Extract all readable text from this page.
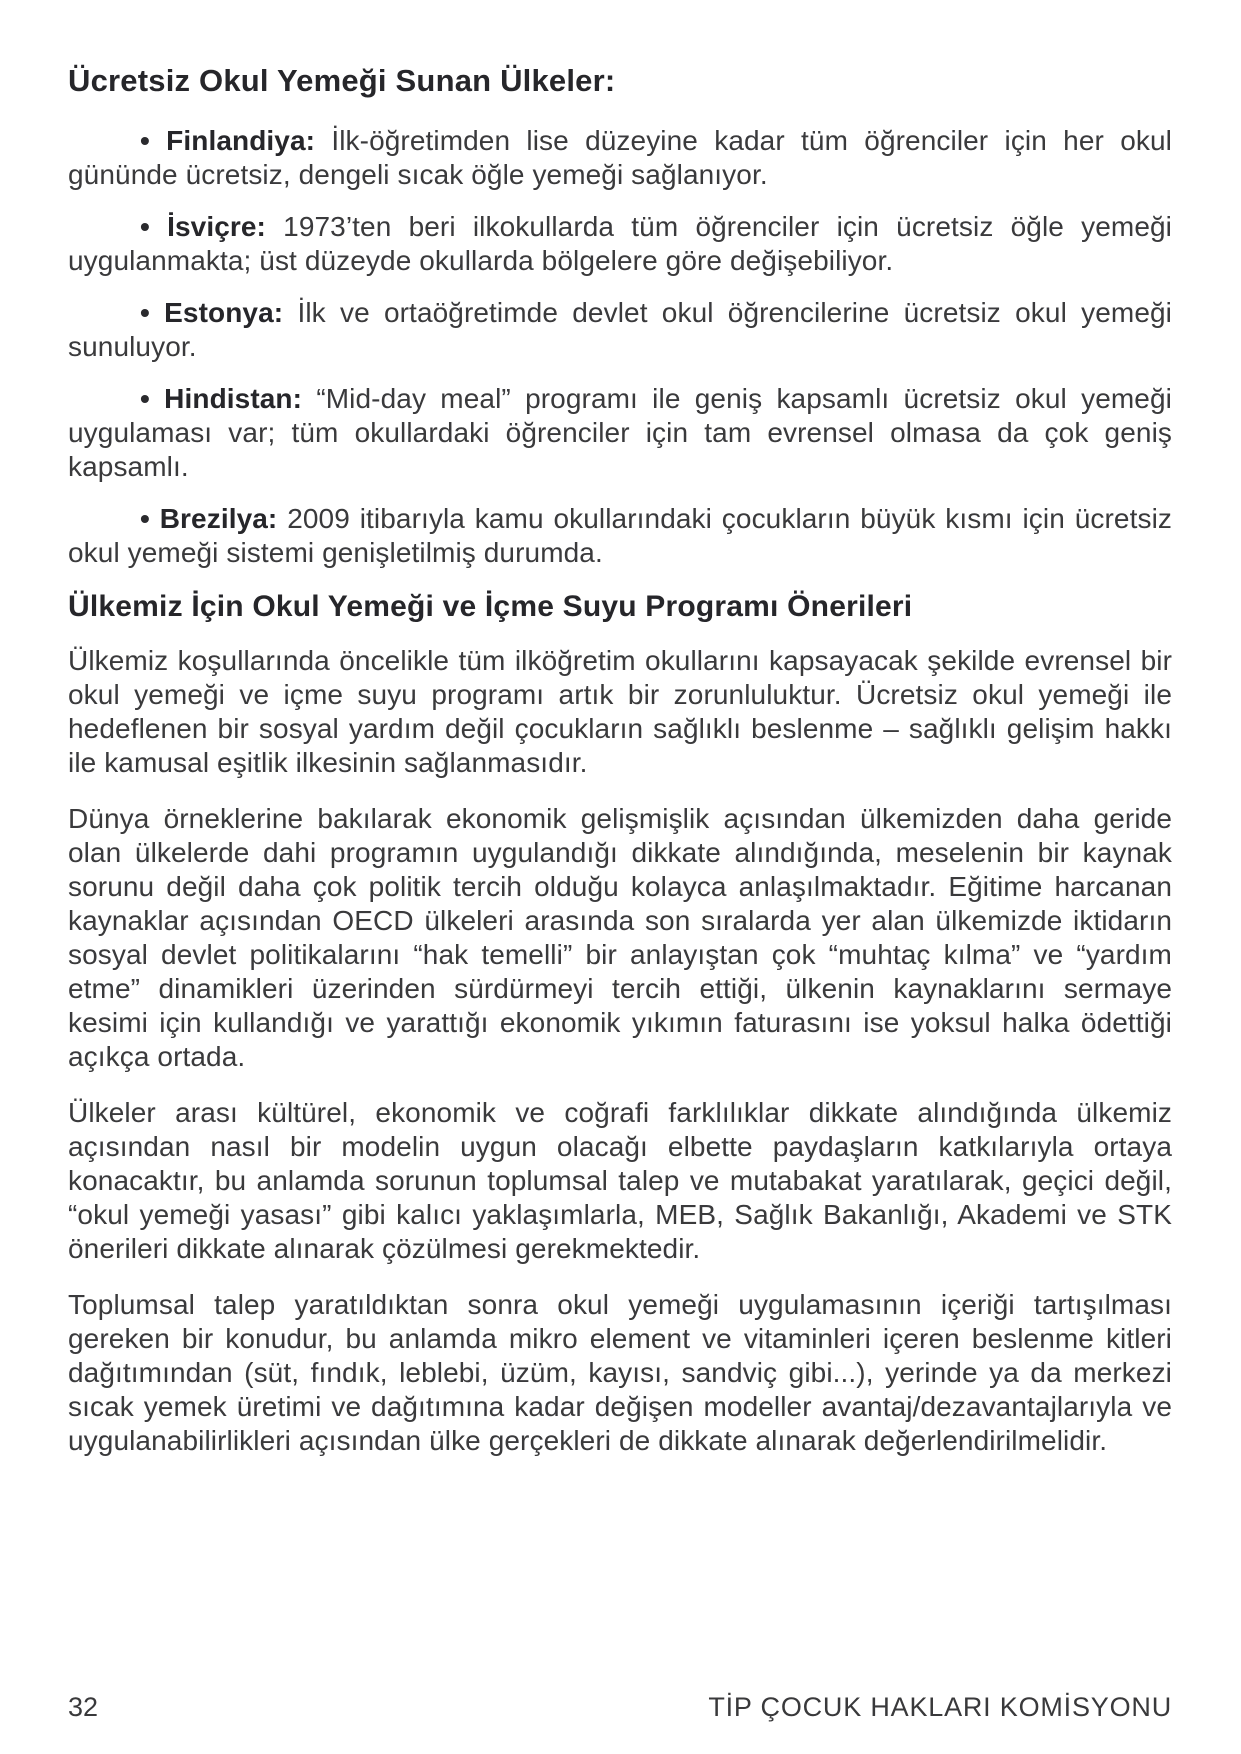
Ücretsiz Okul Yemeği Sunan Ülkeler:

• Finlandiya: İlk-öğretimden lise düzeyine kadar tüm öğrenciler için her okul gününde ücretsiz, dengeli sıcak öğle yemeği sağlanıyor.

• İsviçre: 1973’ten beri ilkokullarda tüm öğrenciler için ücretsiz öğle yemeği uygulanmakta; üst düzeyde okullarda bölgelere göre değişebiliyor.

• Estonya: İlk ve ortaöğretimde devlet okul öğrencilerine ücretsiz okul yemeği sunuluyor.

• Hindistan: “Mid-day meal” programı ile geniş kapsamlı ücretsiz okul yemeği uygulaması var; tüm okullardaki öğrenciler için tam evrensel olmasa da çok geniş kapsamlı.

• Brezilya: 2009 itibarıyla kamu okullarındaki çocukların büyük kısmı için ücretsiz okul yemeği sistemi genişletilmiş durumda.

Ülkemiz İçin Okul Yemeği ve İçme Suyu Programı Önerileri

Ülkemiz koşullarında öncelikle tüm ilköğretim okullarını kapsayacak şekilde evrensel bir okul yemeği ve içme suyu programı artık bir zorunluluktur. Ücretsiz okul yemeği ile hedeflenen bir sosyal yardım değil çocukların sağlıklı beslenme – sağlıklı gelişim hakkı ile kamusal eşitlik ilkesinin sağlanmasıdır.

Dünya örneklerine bakılarak ekonomik gelişmişlik açısından ülkemizden daha geride olan ülkelerde dahi programın uygulandığı dikkate alındığında, meselenin bir kaynak sorunu değil daha çok politik tercih olduğu kolayca anlaşılmaktadır. Eğitime harcanan kaynaklar açısından OECD ülkeleri arasında son sıralarda yer alan ülkemizde iktidarın sosyal devlet politikalarını “hak temelli” bir anlayıştan çok “muhtaç kılma” ve “yardım etme” dinamikleri üzerinden sürdürmeyi tercih ettiği, ülkenin kaynaklarını sermaye kesimi için kullandığı ve yarattığı ekonomik yıkımın faturasını ise yoksul halka ödettiği açıkça ortada.

Ülkeler arası kültürel, ekonomik ve coğrafi farklılıklar dikkate alındığında ülkemiz açısından nasıl bir modelin uygun olacağı elbette paydaşların katkılarıyla ortaya konacaktır, bu anlamda sorunun toplumsal talep ve mutabakat yaratılarak, geçici değil, “okul yemeği yasası” gibi kalıcı yaklaşımlarla, MEB, Sağlık Bakanlığı, Akademi ve STK önerileri dikkate alınarak çözülmesi gerekmektedir.

Toplumsal talep yaratıldıktan sonra okul yemeği uygulamasının içeriği tartışılması gereken bir konudur, bu anlamda mikro element ve vitaminleri içeren beslenme kitleri dağıtımından (süt, fındık, leblebi, üzüm, kayısı, sandviç gibi...), yerinde ya da merkezi sıcak yemek üretimi ve dağıtımına kadar değişen modeller avantaj/dezavantajlarıyla ve uygulanabilirlikleri açısından ülke gerçekleri de dikkate alınarak değerlendirilmelidir.

32	TİP ÇOCUK HAKLARI KOMİSYONU
